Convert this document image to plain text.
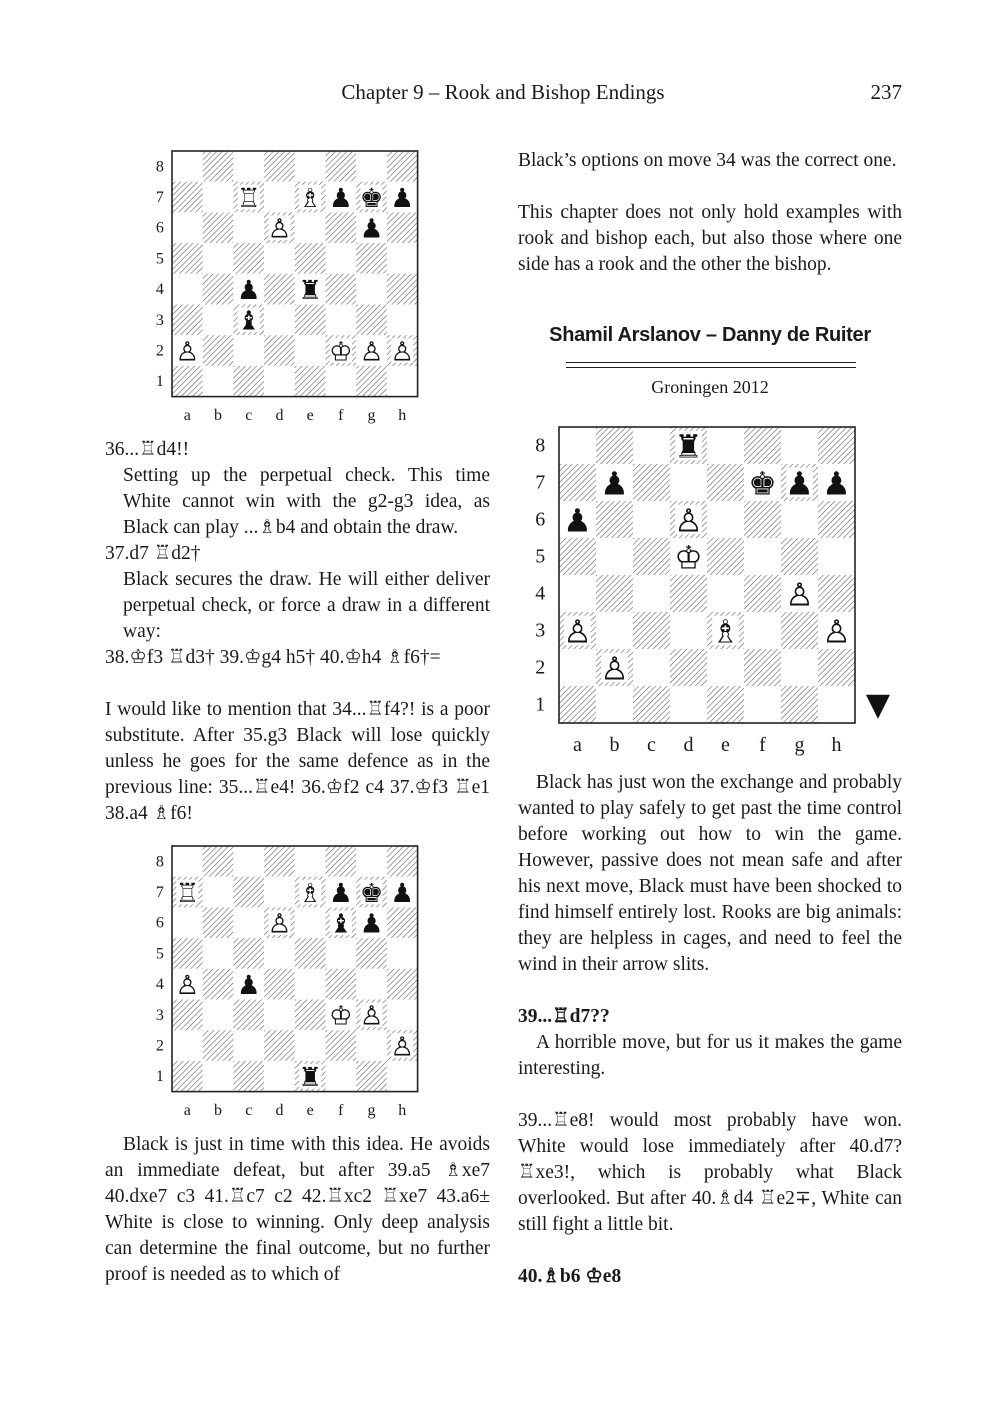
Chapter 9 – Rook and Bishop Endings	237
8
7
6
5
4
3
2
1
a b c d e f g h
♖ ♗ ♟ ♚ ♟
♙	♟
♟ ♜
♝
♙	♔ ♙ ♙

36...♖d4!!

Setting up the perpetual check. This time White cannot win with the g2-g3 idea, as Black can play ...♗b4 and obtain the draw.

37.d7 ♖d2†

Black secures the draw. He will either deliver perpetual check, or force a draw in a different way:

38.♔f3 ♖d3† 39.♔g4 h5† 40.♔h4 ♗f6†=

I would like to mention that 34...♖f4?! is a poor substitute. After 35.g3 Black will lose quickly unless he goes for the same defence as in the previous line: 35...♖e4! 36.♔f2 c4 37.♔f3 ♖e1 38.a4 ♗f6!

8
7
6
5
4
3
2
1
a b c d e f g h
♖	♗ ♟ ♚ ♟
♙ ♝ ♟
♙ ♟
♔ ♙
♙
♜

Black is just in time with this idea. He avoids an immediate defeat, but after 39.a5 ♗xe7 40.dxe7 c3 41.♖c7 c2 42.♖xc2 ♖xe7 43.a6± White is close to winning. Only deep analysis can determine the final outcome, but no further proof is needed as to which of

Black’s options on move 34 was the correct one.

This chapter does not only hold examples with rook and bishop each, but also those where one side has a rook and the other the bishop.

Shamil Arslanov – Danny de Ruiter
Groningen 2012
8
7
6
5
4
3
2
1
a b c d e f g h
♜
♟	♚ ♟ ♟
♟	♙
♔
♙
♙	♗	♙
♙
▼

Black has just won the exchange and probably wanted to play safely to get past the time control before working out how to win the game. However, passive does not mean safe and after his next move, Black must have been shocked to find himself entirely lost. Rooks are big animals: they are helpless in cages, and need to feel the wind in their arrow slits.

39...♖d7??

A horrible move, but for us it makes the game interesting.

39...♖e8! would most probably have won. White would lose immediately after 40.d7? ♖xe3!, which is probably what Black overlooked. But after 40.♗d4 ♖e2∓, White can still fight a little bit.

40.♗b6 ♔e8
